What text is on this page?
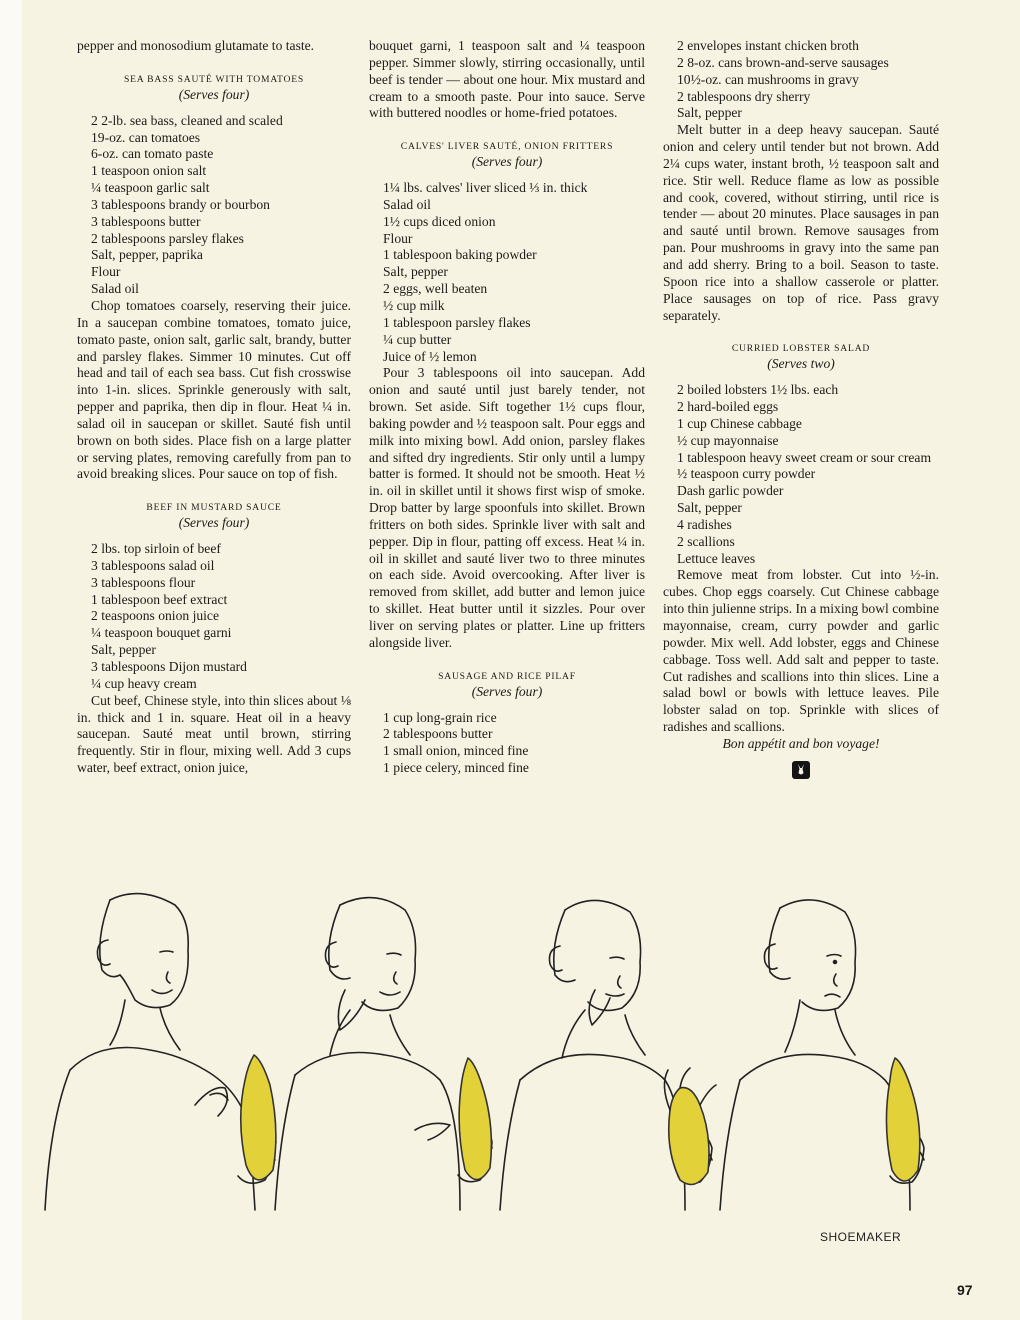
pepper and monosodium glutamate to taste.

SEA BASS SAUTÉ WITH TOMATOES
(Serves four)
2 2-lb. sea bass, cleaned and scaled
19-oz. can tomatoes
6-oz. can tomato paste
1 teaspoon onion salt
¼ teaspoon garlic salt
3 tablespoons brandy or bourbon
3 tablespoons butter
2 tablespoons parsley flakes
Salt, pepper, paprika
Flour
Salad oil

Chop tomatoes coarsely, reserving their juice. In a saucepan combine tomatoes, tomato juice, tomato paste, onion salt, garlic salt, brandy, butter and parsley flakes. Simmer 10 minutes. Cut off head and tail of each sea bass. Cut fish crosswise into 1-in. slices. Sprinkle generously with salt, pepper and paprika, then dip in flour. Heat ¼ in. salad oil in saucepan or skillet. Sauté fish until brown on both sides. Place fish on a large platter or serving plates, removing carefully from pan to avoid breaking slices. Pour sauce on top of fish.

BEEF IN MUSTARD SAUCE
(Serves four)
2 lbs. top sirloin of beef
3 tablespoons salad oil
3 tablespoons flour
1 tablespoon beef extract
2 teaspoons onion juice
¼ teaspoon bouquet garni
Salt, pepper
3 tablespoons Dijon mustard
¼ cup heavy cream

Cut beef, Chinese style, into thin slices about ⅛ in. thick and 1 in. square. Heat oil in a heavy saucepan. Sauté meat until brown, stirring frequently. Stir in flour, mixing well. Add 3 cups water, beef extract, onion juice,

bouquet garni, 1 teaspoon salt and ¼ teaspoon pepper. Simmer slowly, stirring occasionally, until beef is tender — about one hour. Mix mustard and cream to a smooth paste. Pour into sauce. Serve with buttered noodles or home-fried potatoes.

CALVES' LIVER SAUTÉ, ONION FRITTERS
(Serves four)
1¼ lbs. calves' liver sliced ⅓ in. thick
Salad oil
1½ cups diced onion
Flour
1 tablespoon baking powder
Salt, pepper
2 eggs, well beaten
½ cup milk
1 tablespoon parsley flakes
¼ cup butter
Juice of ½ lemon

Pour 3 tablespoons oil into saucepan. Add onion and sauté until just barely tender, not brown. Set aside. Sift together 1½ cups flour, baking powder and ½ teaspoon salt. Pour eggs and milk into mixing bowl. Add onion, parsley flakes and sifted dry ingredients. Stir only until a lumpy batter is formed. It should not be smooth. Heat ½ in. oil in skillet until it shows first wisp of smoke. Drop batter by large spoonfuls into skillet. Brown fritters on both sides. Sprinkle liver with salt and pepper. Dip in flour, patting off excess. Heat ¼ in. oil in skillet and sauté liver two to three minutes on each side. Avoid overcooking. After liver is removed from skillet, add butter and lemon juice to skillet. Heat butter until it sizzles. Pour over liver on serving plates or platter. Line up fritters alongside liver.

SAUSAGE AND RICE PILAF
(Serves four)
1 cup long-grain rice
2 tablespoons butter
1 small onion, minced fine
1 piece celery, minced fine
2 envelopes instant chicken broth
2 8-oz. cans brown-and-serve sausages
10½-oz. can mushrooms in gravy
2 tablespoons dry sherry
Salt, pepper

Melt butter in a deep heavy saucepan. Sauté onion and celery until tender but not brown. Add 2¼ cups water, instant broth, ½ teaspoon salt and rice. Stir well. Reduce flame as low as possible and cook, covered, without stirring, until rice is tender — about 20 minutes. Place sausages in pan and sauté until brown. Remove sausages from pan. Pour mushrooms in gravy into the same pan and add sherry. Bring to a boil. Season to taste. Spoon rice into a shallow casserole or platter. Place sausages on top of rice. Pass gravy separately.

CURRIED LOBSTER SALAD
(Serves two)
2 boiled lobsters 1½ lbs. each
2 hard-boiled eggs
1 cup Chinese cabbage
½ cup mayonnaise
1 tablespoon heavy sweet cream or sour cream
½ teaspoon curry powder
Dash garlic powder
Salt, pepper
4 radishes
2 scallions
Lettuce leaves

Remove meat from lobster. Cut into ½-in. cubes. Chop eggs coarsely. Cut Chinese cabbage into thin julienne strips. In a mixing bowl combine mayonnaise, cream, curry powder and garlic powder. Mix well. Add lobster, eggs and Chinese cabbage. Toss well. Add salt and pepper to taste. Cut radishes and scallions into thin slices. Line a salad bowl or bowls with lettuce leaves. Pile lobster salad on top. Sprinkle with slices of radishes and scallions.

Bon appétit and bon voyage!

SHOEMAKER
97
